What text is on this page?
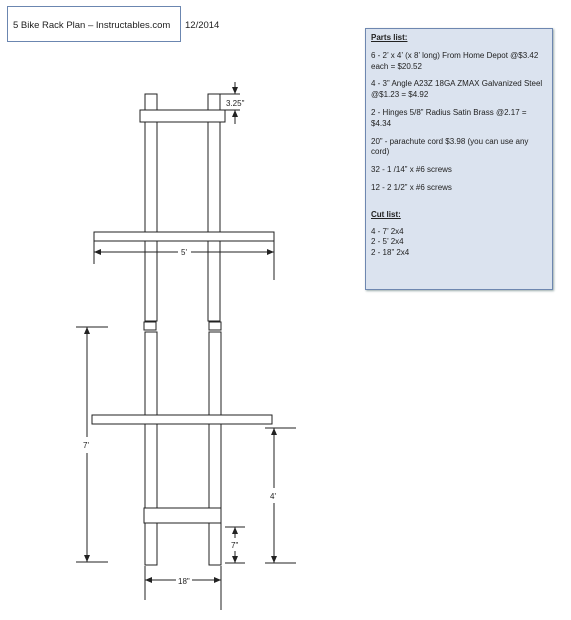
5 Bike Rack Plan – Instructables.com 12/2014
3.25"
5'
7'
4'
7"
18"
Parts list:
6 - 2’ x 4’ (x 8’ long) From Home Depot @$3.42 each = $20.52
4 - 3” Angle A23Z 18GA ZMAX Galvanized Steel @$1.23 = $4.92
2 - Hinges 5/8” Radius Satin Brass @2.17 = $4.34
20” - parachute cord $3.98 (you can use any cord)
32 - 1 /14” x #6 screws
12 - 2 1/2” x #6 screws
Cut list:
4 - 7’ 2x4
2 - 5’ 2x4
2 - 18” 2x4
